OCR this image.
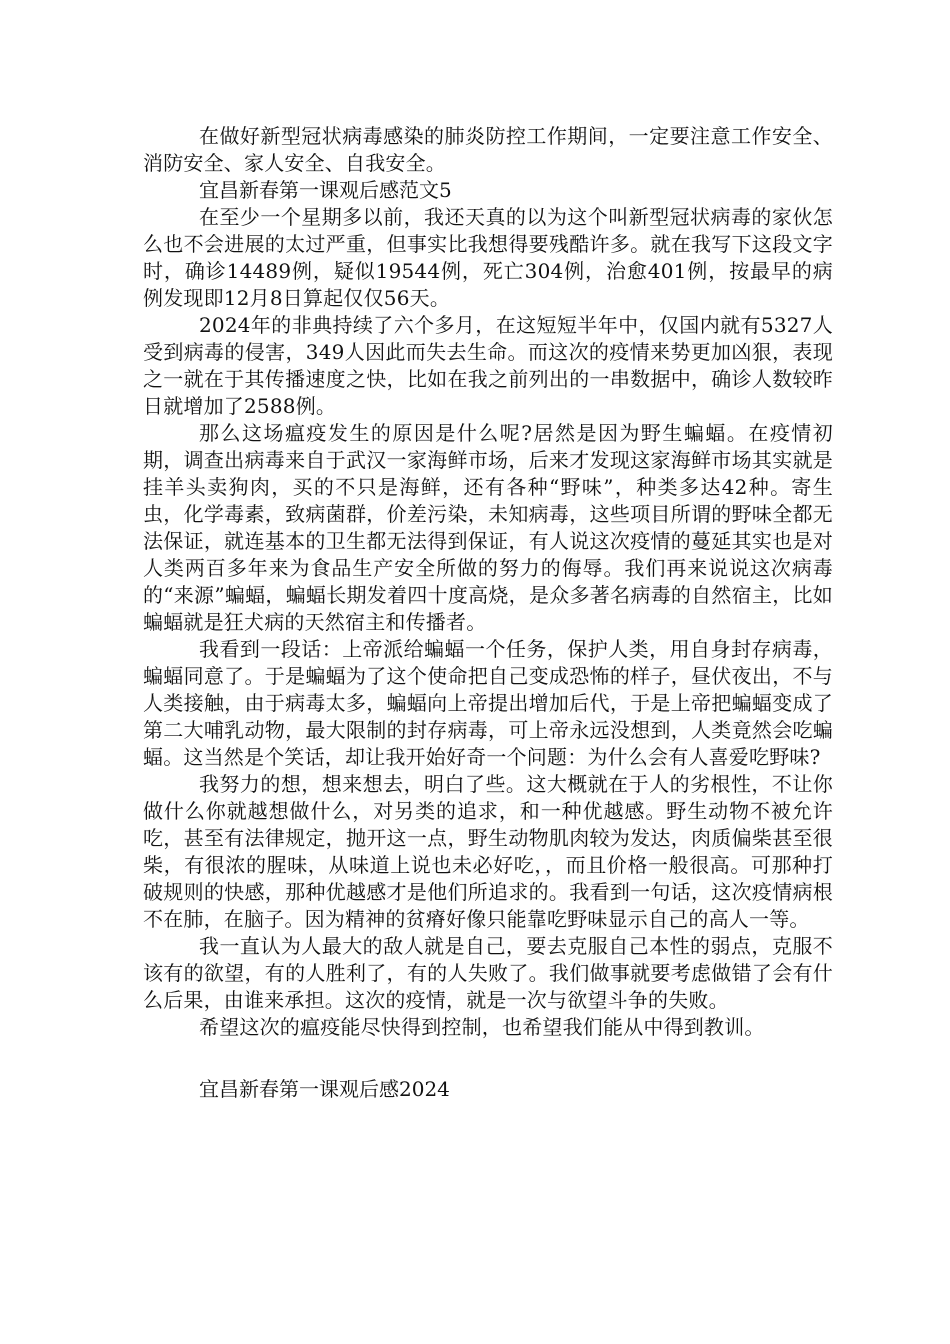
在做好新型冠状病毒感染的肺炎防控工作期间，一定要注意工作安全、消防安全、家人安全、自我安全。

宜昌新春第一课观后感范文5

在至少一个星期多以前，我还天真的以为这个叫新型冠状病毒的家伙怎么也不会进展的太过严重，但事实比我想得要残酷许多。就在我写下这段文字时，确诊14489例，疑似19544例，死亡304例，治愈401例，按最早的病例发现即12月8日算起仅仅56天。

2024年的非典持续了六个多月，在这短短半年中，仅国内就有5327人受到病毒的侵害，349人因此而失去生命。而这次的疫情来势更加凶狠，表现之一就在于其传播速度之快，比如在我之前列出的一串数据中，确诊人数较昨日就增加了2588例。

那么这场瘟疫发生的原因是什么呢?居然是因为野生蝙蝠。在疫情初期，调查出病毒来自于武汉一家海鲜市场，后来才发现这家海鲜市场其实就是挂羊头卖狗肉，买的不只是海鲜，还有各种“野味”，种类多达42种。寄生虫，化学毒素，致病菌群，价差污染，未知病毒，这些项目所谓的野味全都无法保证，就连基本的卫生都无法得到保证，有人说这次疫情的蔓延其实也是对人类两百多年来为食品生产安全所做的努力的侮辱。我们再来说说这次病毒的“来源”蝙蝠，蝙蝠长期发着四十度高烧，是众多著名病毒的自然宿主，比如蝙蝠就是狂犬病的天然宿主和传播者。

我看到一段话：上帝派给蝙蝠一个任务，保护人类，用自身封存病毒，蝙蝠同意了。于是蝙蝠为了这个使命把自己变成恐怖的样子，昼伏夜出，不与人类接触，由于病毒太多，蝙蝠向上帝提出增加后代，于是上帝把蝙蝠变成了第二大哺乳动物，最大限制的封存病毒，可上帝永远没想到，人类竟然会吃蝙蝠。这当然是个笑话，却让我开始好奇一个问题：为什么会有人喜爱吃野味?

我努力的想，想来想去，明白了些。这大概就在于人的劣根性，不让你做什么你就越想做什么，对另类的追求，和一种优越感。野生动物不被允许吃，甚至有法律规定，抛开这一点，野生动物肌肉较为发达，肉质偏柴甚至很柴，有很浓的腥味，从味道上说也未必好吃，，而且价格一般很高。可那种打破规则的快感，那种优越感才是他们所追求的。我看到一句话，这次疫情病根不在肺，在脑子。因为精神的贫瘠好像只能靠吃野味显示自己的高人一等。

我一直认为人最大的敌人就是自己，要去克服自己本性的弱点，克服不该有的欲望，有的人胜利了，有的人失败了。我们做事就要考虑做错了会有什么后果，由谁来承担。这次的疫情，就是一次与欲望斗争的失败。

希望这次的瘟疫能尽快得到控制，也希望我们能从中得到教训。

宜昌新春第一课观后感2024
